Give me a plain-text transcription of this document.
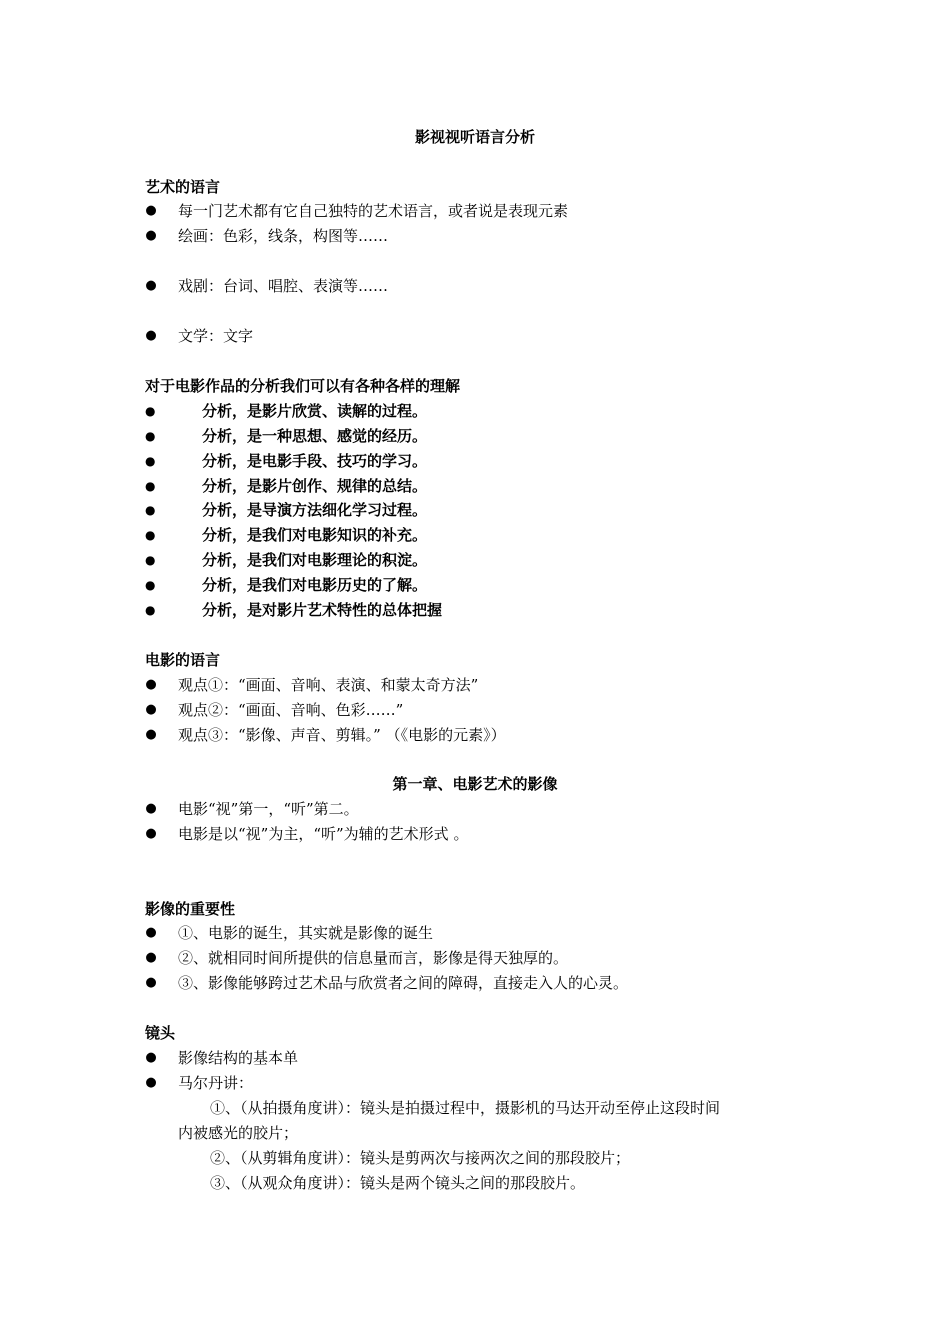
影视视听语言分析
艺术的语言
● 每一门艺术都有它自己独特的艺术语言，或者说是表现元素
● 绘画：色彩，线条，构图等……
● 戏剧：台词、唱腔、表演等……
● 文学：文字
对于电影作品的分析我们可以有各种各样的理解
●	分析，是影片欣赏、读解的过程。
●	分析，是一种思想、感觉的经历。
●	分析，是电影手段、技巧的学习。
●	分析，是影片创作、规律的总结。
●	分析，是导演方法细化学习过程。
●	分析，是我们对电影知识的补充。
●	分析，是我们对电影理论的积淀。
●	分析，是我们对电影历史的了解。
●	分析，是对影片艺术特性的总体把握
电影的语言
● 观点①：“画面、音响、表演、和蒙太奇方法”
● 观点②：“画面、音响、色彩……”
● 观点③：“影像、声音、剪辑。” （《电影的元素》）
第一章、电影艺术的影像
● 电影“视”第一，“听”第二。
● 电影是以“视”为主，“听”为辅的艺术形式 。
影像的重要性
● ①、电影的诞生，其实就是影像的诞生
● ②、就相同时间所提供的信息量而言，影像是得天独厚的。
● ③、影像能够跨过艺术品与欣赏者之间的障碍，直接走入人的心灵。
镜头
● 影像结构的基本单
● 马尔丹讲：
①、（从拍摄角度讲）：镜头是拍摄过程中，摄影机的马达开动至停止这段时间
内被感光的胶片；
②、（从剪辑角度讲）：镜头是剪两次与接两次之间的那段胶片；
③、（从观众角度讲）：镜头是两个镜头之间的那段胶片。
